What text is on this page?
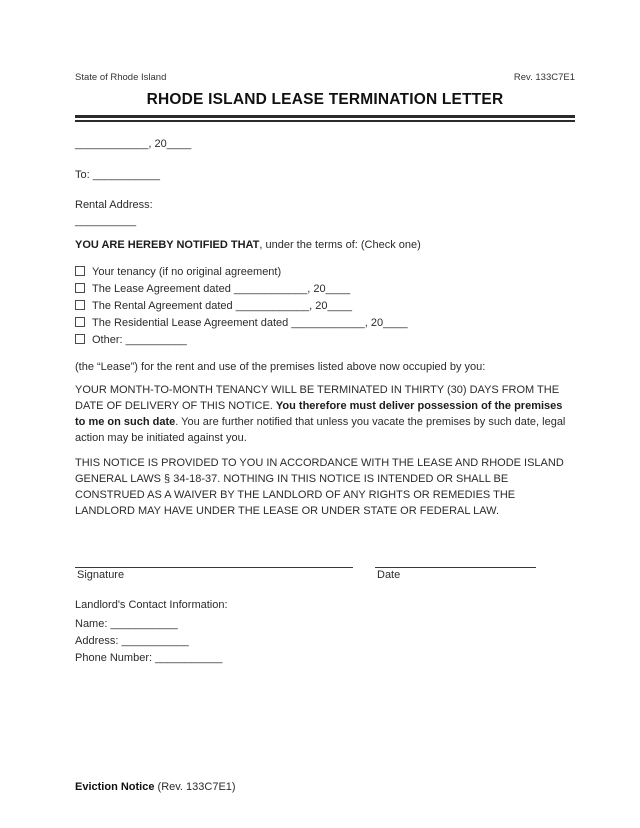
State of Rhode Island	Rev. 133C7E1
RHODE ISLAND LEASE TERMINATION LETTER

____________, 20____

To: ___________

Rental Address:

__________

YOU ARE HEREBY NOTIFIED THAT, under the terms of: (Check one)

Your tenancy (if no original agreement)
The Lease Agreement dated ____________, 20____
The Rental Agreement dated ____________, 20____
The Residential Lease Agreement dated ____________, 20____
Other: __________

(the “Lease”) for the rent and use of the premises listed above now occupied by you:

YOUR MONTH-TO-MONTH TENANCY WILL BE TERMINATED IN THIRTY (30) DAYS FROM THE DATE OF DELIVERY OF THIS NOTICE. You therefore must deliver possession of the premises to me on such date. You are further notified that unless you vacate the premises by such date, legal action may be initiated against you.

THIS NOTICE IS PROVIDED TO YOU IN ACCORDANCE WITH THE LEASE AND RHODE ISLAND GENERAL LAWS § 34-18-37. NOTHING IN THIS NOTICE IS INTENDED OR SHALL BE CONSTRUED AS A WAIVER BY THE LANDLORD OF ANY RIGHTS OR REMEDIES THE LANDLORD MAY HAVE UNDER THE LEASE OR UNDER STATE OR FEDERAL LAW.

Signature	Date

Landlord's Contact Information:

Name: ___________

Address: ___________

Phone Number: ___________

Eviction Notice (Rev. 133C7E1)
